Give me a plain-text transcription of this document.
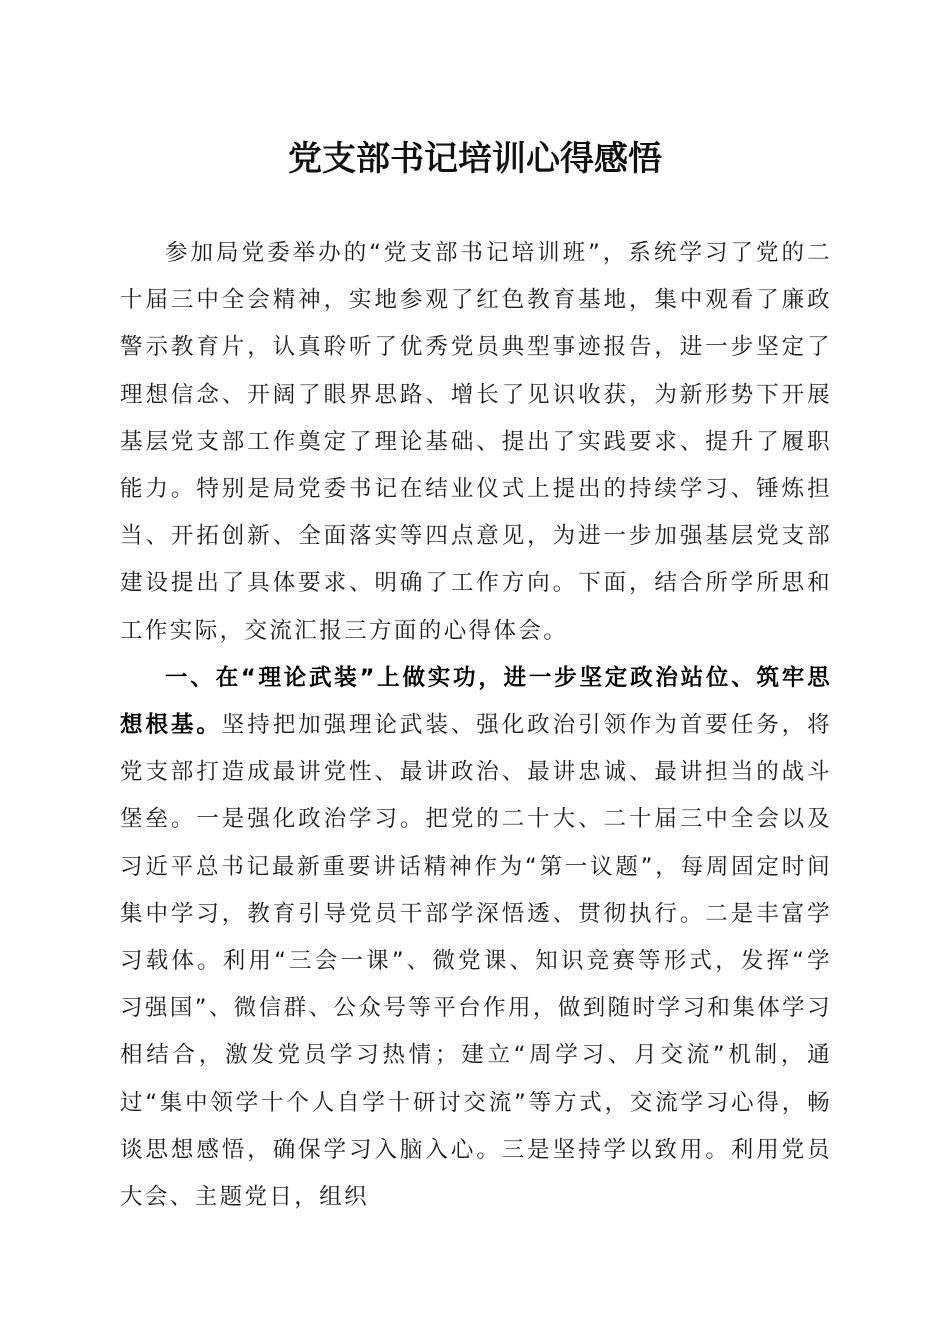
党支部书记培训心得感悟

参加局党委举办的“党支部书记培训班”，系统学习了党的二十届三中全会精神，实地参观了红色教育基地，集中观看了廉政警示教育片，认真聆听了优秀党员典型事迹报告，进一步坚定了理想信念、开阔了眼界思路、增长了见识收获，为新形势下开展基层党支部工作奠定了理论基础、提出了实践要求、提升了履职能力。特别是局党委书记在结业仪式上提出的持续学习、锤炼担当、开拓创新、全面落实等四点意见，为进一步加强基层党支部建设提出了具体要求、明确了工作方向。下面，结合所学所思和工作实际，交流汇报三方面的心得体会。

一、在“理论武装”上做实功，进一步坚定政治站位、筑牢思想根基。坚持把加强理论武装、强化政治引领作为首要任务，将党支部打造成最讲党性、最讲政治、最讲忠诚、最讲担当的战斗堡垒。一是强化政治学习。把党的二十大、二十届三中全会以及习近平总书记最新重要讲话精神作为“第一议题”，每周固定时间集中学习，教育引导党员干部学深悟透、贯彻执行。二是丰富学习载体。利用“三会一课”、微党课、知识竞赛等形式，发挥“学习强国”、微信群、公众号等平台作用，做到随时学习和集体学习相结合，激发党员学习热情；建立“周学习、月交流”机制，通过“集中领学十个人自学十研讨交流”等方式，交流学习心得，畅谈思想感悟，确保学习入脑入心。三是坚持学以致用。利用党员大会、主题党日，组织
